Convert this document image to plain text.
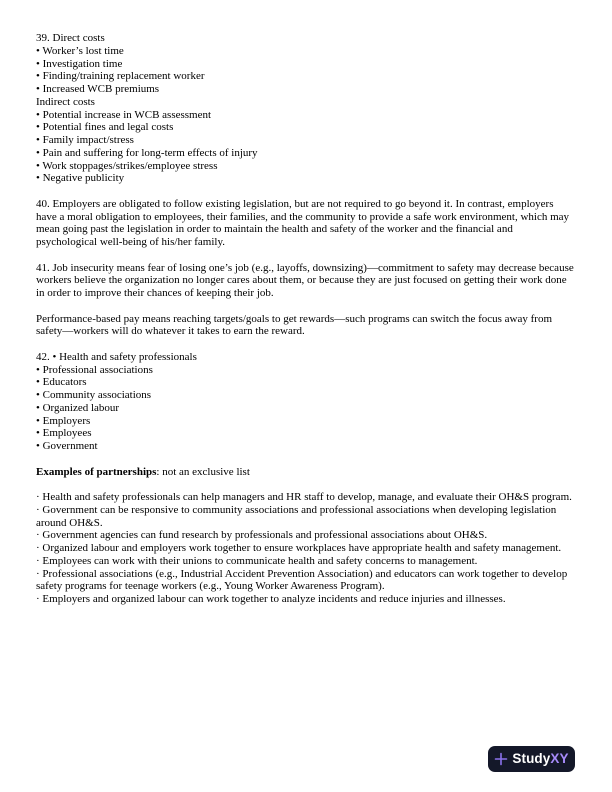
39. Direct costs

• Worker’s lost time

• Investigation time

• Finding/training replacement worker

• Increased WCB premiums

Indirect costs

• Potential increase in WCB assessment

• Potential fines and legal costs

• Family impact/stress

• Pain and suffering for long-term effects of injury

• Work stoppages/strikes/employee stress

• Negative publicity

40. Employers are obligated to follow existing legislation, but are not required to go beyond it. In contrast, employers have a moral obligation to employees, their families, and the community to provide a safe work environment, which may mean going past the legislation in order to maintain the health and safety of the worker and the financial and psychological well-being of his/her family.

41. Job insecurity means fear of losing one’s job (e.g., layoffs, downsizing)—commitment to safety may decrease because workers believe the organization no longer cares about them, or because they are just focused on getting their work done in order to improve their chances of keeping their job.

Performance-based pay means reaching targets/goals to get rewards—such programs can switch the focus away from safety—workers will do whatever it takes to earn the reward.

42. • Health and safety professionals

• Professional associations

• Educators

• Community associations

• Organized labour

• Employers

• Employees

• Government

Examples of partnerships: not an exclusive list

· Health and safety professionals can help managers and HR staff to develop, manage, and evaluate their OH&S program.

· Government can be responsive to community associations and professional associations when developing legislation around OH&S.

· Government agencies can fund research by professionals and professional associations about OH&S.

· Organized labour and employers work together to ensure workplaces have appropriate health and safety management.

· Employees can work with their unions to communicate health and safety concerns to management.

· Professional associations (e.g., Industrial Accident Prevention Association) and educators can work together to develop safety programs for teenage workers (e.g., Young Worker Awareness Program).

· Employers and organized labour can work together to analyze incidents and reduce injuries and illnesses.

StudyXY
